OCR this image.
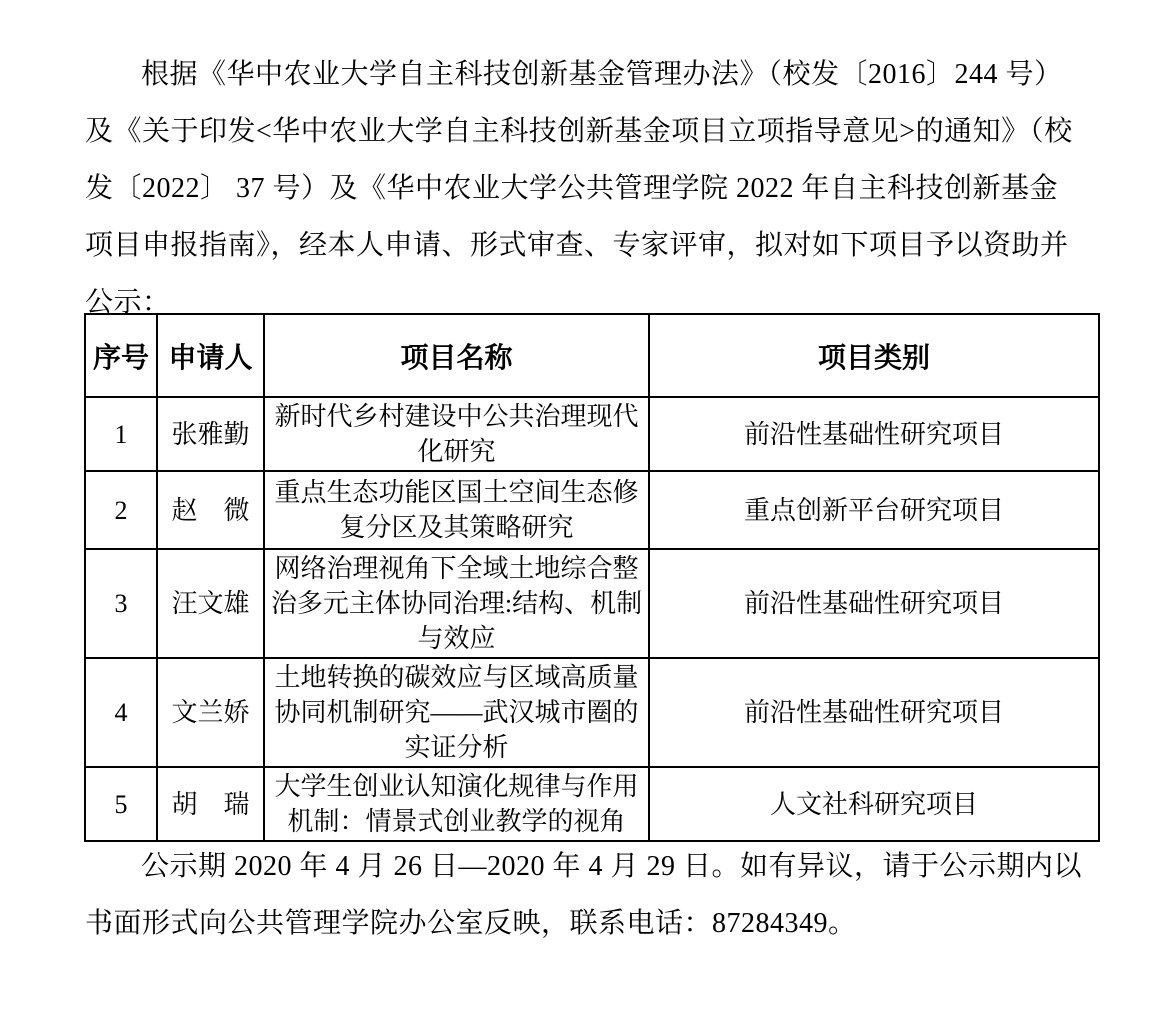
根据《华中农业大学自主科技创新基金管理办法》（校发〔2016〕244 号）
及《关于印发<华中农业大学自主科技创新基金项目立项指导意见>的通知》（校
发〔2022〕 37 号）及《华中农业大学公共管理学院 2022 年自主科技创新基金
项目申报指南》，经本人申请、形式审查、专家评审，拟对如下项目予以资助并
公示：
序号	申请人	项目名称	项目类别
1	张雅勤	新时代乡村建设中公共治理现代化研究	前沿性基础性研究项目
2	赵　微	重点生态功能区国土空间生态修复分区及其策略研究	重点创新平台研究项目
3	汪文雄	网络治理视角下全域土地综合整治多元主体协同治理:结构、机制与效应	前沿性基础性研究项目
4	文兰娇	土地转换的碳效应与区域高质量协同机制研究——武汉城市圈的实证分析	前沿性基础性研究项目
5	胡　瑞	大学生创业认知演化规律与作用机制：情景式创业教学的视角	人文社科研究项目
公示期 2020 年 4 月 26 日—2020 年 4 月 29 日。如有异议，请于公示期内以
书面形式向公共管理学院办公室反映，联系电话：87284349。
